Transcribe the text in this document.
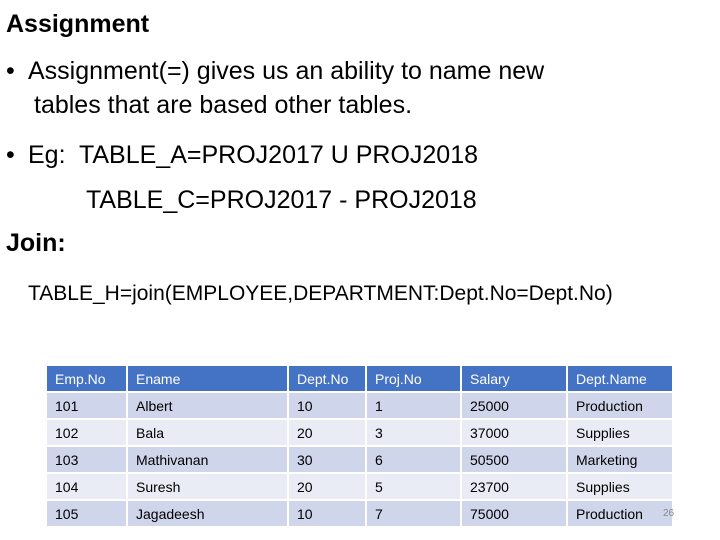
Assignment
• Assignment(=) gives us an ability to name new
tables that are based other tables.
• Eg:  TABLE_A=PROJ2017 U PROJ2018
TABLE_C=PROJ2017 - PROJ2018
Join:
TABLE_H=join(EMPLOYEE,DEPARTMENT:Dept.No=Dept.No)
Emp.No	Ename	Dept.No	Proj.No	Salary	Dept.Name
101	Albert	10	1	25000	Production
102	Bala	20	3	37000	Supplies
103	Mathivanan	30	6	50500	Marketing
104	Suresh	20	5	23700	Supplies
105	Jagadeesh	10	7	75000	Production 26
